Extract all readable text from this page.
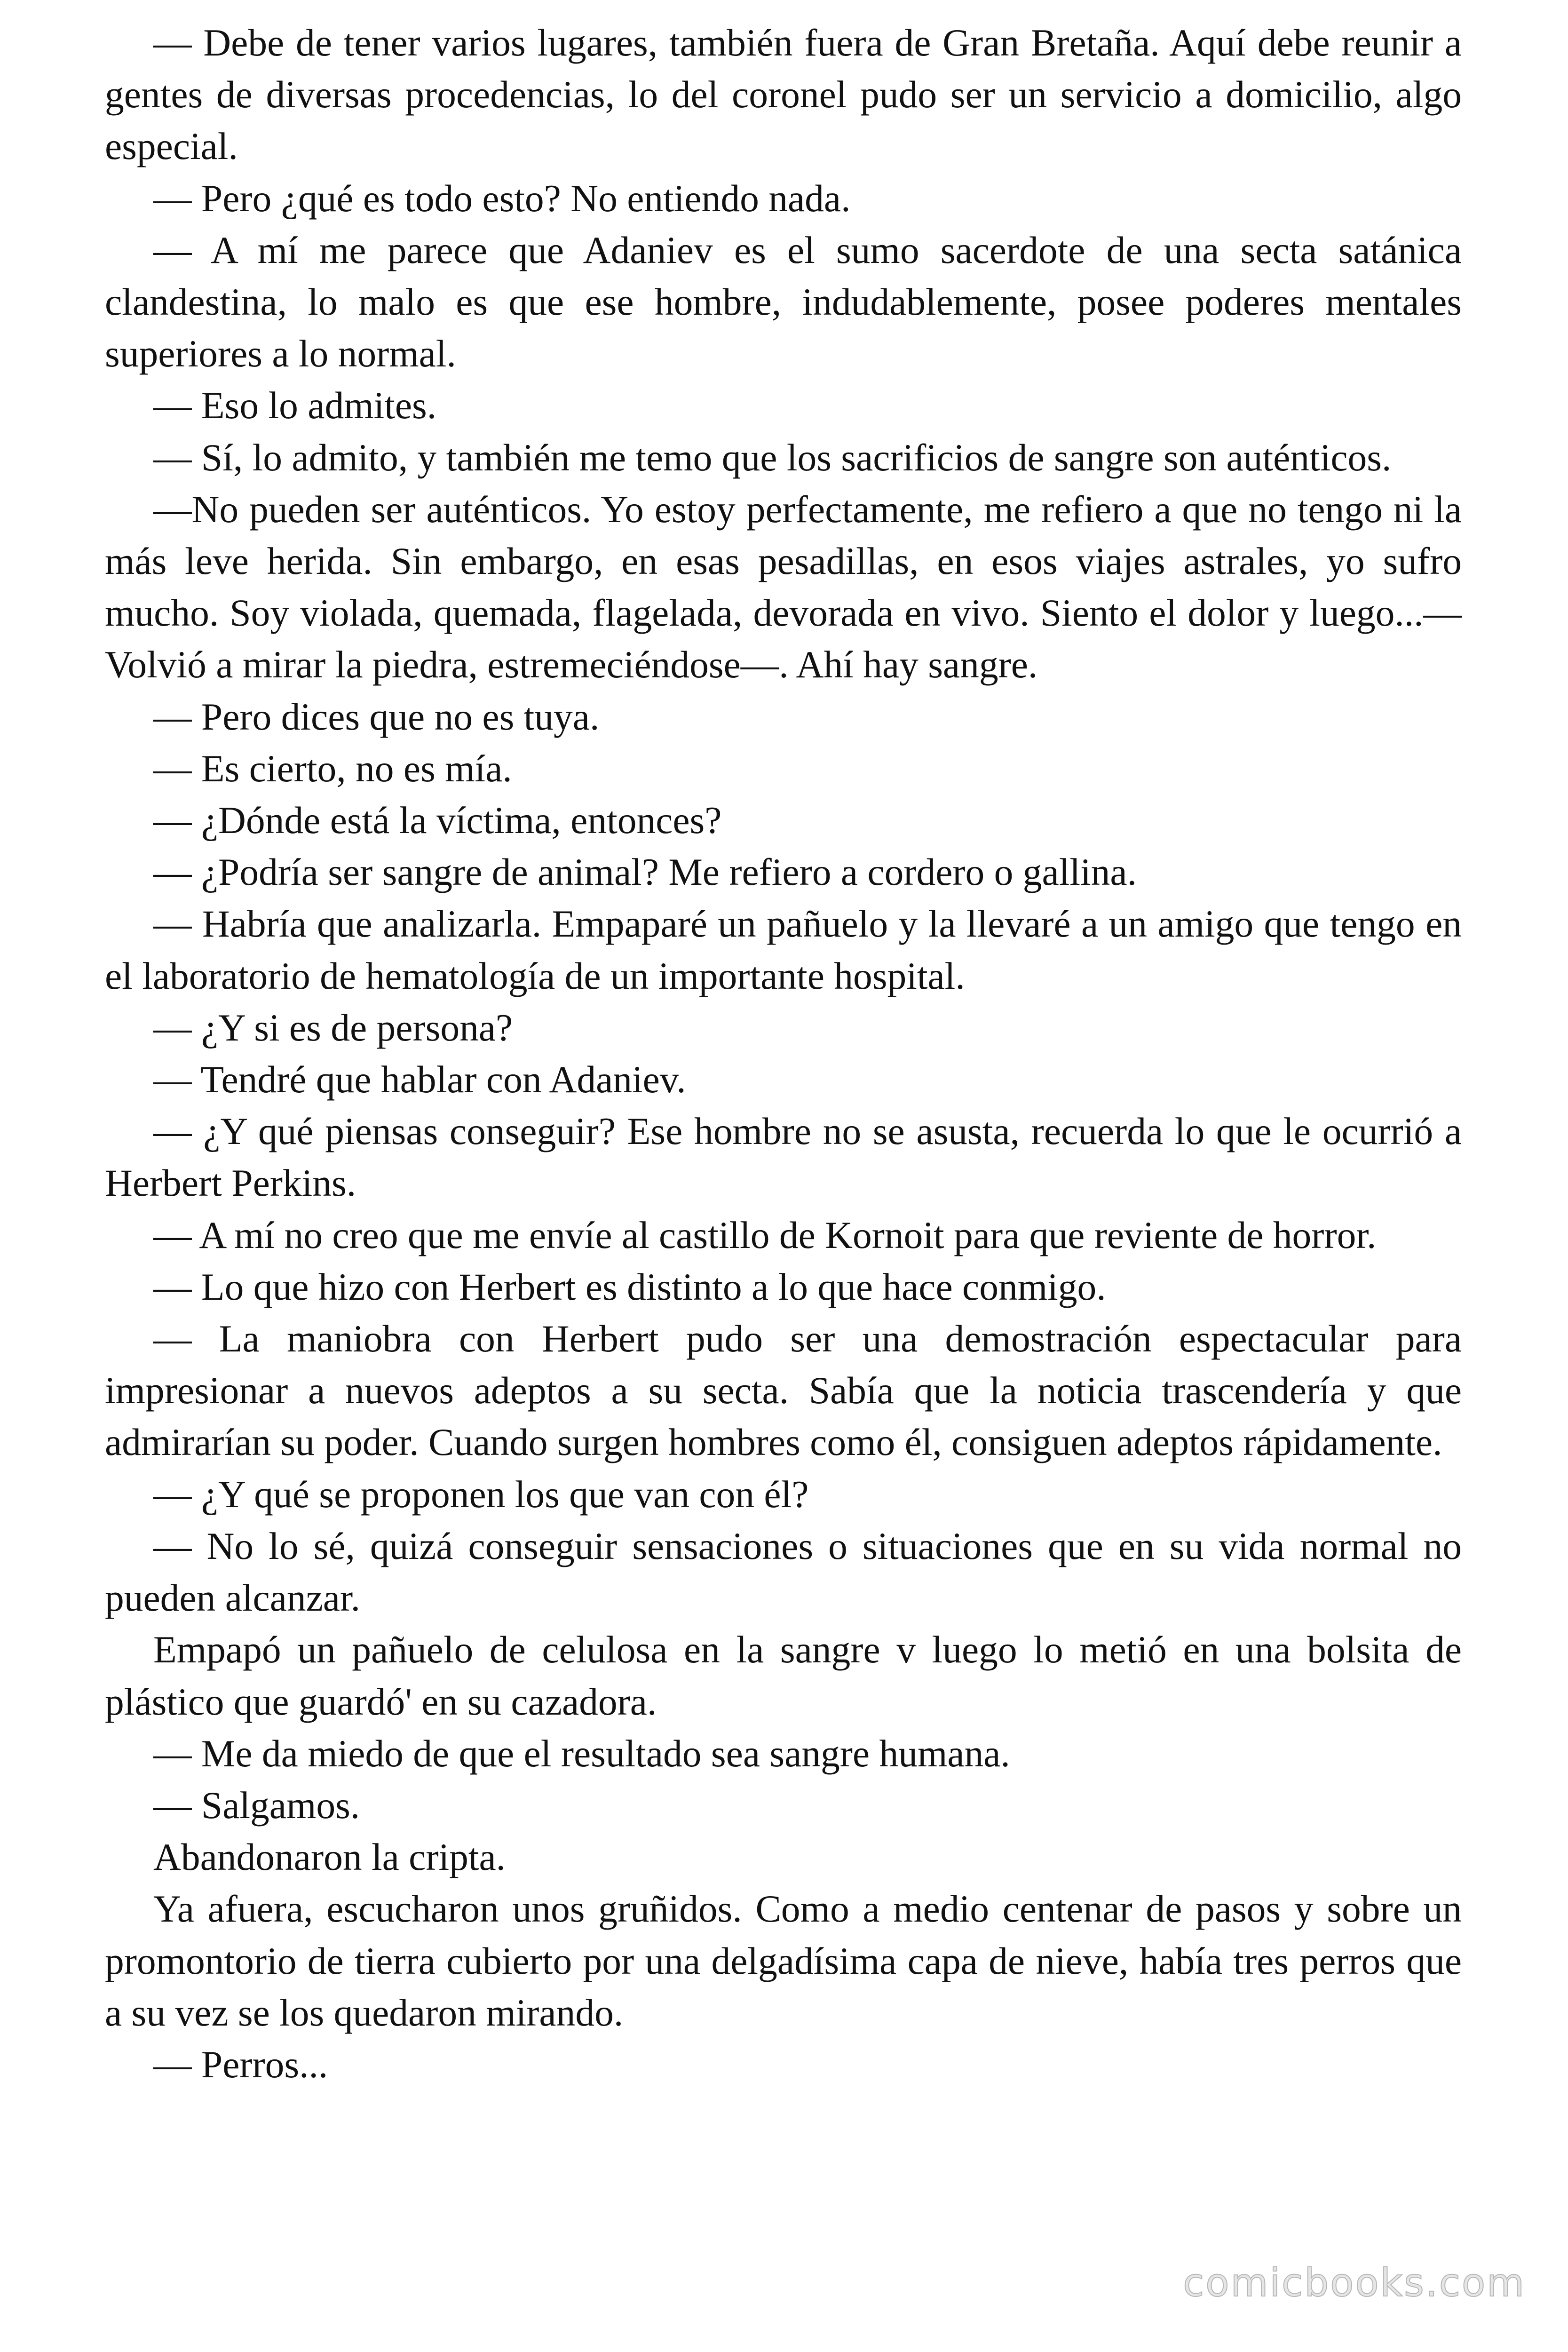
— Debe de tener varios lugares, también fuera de Gran Bretaña. Aquí debe reunir a gentes de diversas procedencias, lo del coronel pudo ser un servicio a domicilio, algo especial.

— Pero ¿qué es todo esto? No entiendo nada.

— A mí me parece que Adaniev es el sumo sacerdote de una secta satánica clandestina, lo malo es que ese hombre, indudablemente, posee poderes mentales superiores a lo normal.

— Eso lo admites.

— Sí, lo admito, y también me temo que los sacrificios de sangre son auténticos.

—No pueden ser auténticos. Yo estoy perfectamente, me refiero a que no tengo ni la más leve herida. Sin embargo, en esas pesadillas, en esos viajes astrales, yo sufro mucho. Soy violada, quemada, flagelada, devorada en vivo. Siento el dolor y luego...—Volvió a mirar la piedra, estremeciéndose—. Ahí hay sangre.

— Pero dices que no es tuya.

— Es cierto, no es mía.

— ¿Dónde está la víctima, entonces?

— ¿Podría ser sangre de animal? Me refiero a cordero o gallina.

— Habría que analizarla. Empaparé un pañuelo y la llevaré a un amigo que tengo en el laboratorio de hematología de un importante hospital.

— ¿Y si es de persona?

— Tendré que hablar con Adaniev.

— ¿Y qué piensas conseguir? Ese hombre no se asusta, recuerda lo que le ocurrió a Herbert Perkins.

— A mí no creo que me envíe al castillo de Kornoit para que reviente de horror.

— Lo que hizo con Herbert es distinto a lo que hace conmigo.

— La maniobra con Herbert pudo ser una demostración espectacular para impresionar a nuevos adeptos a su secta. Sabía que la noticia trascendería y que admirarían su poder. Cuando surgen hombres como él, consiguen adeptos rápidamente.

— ¿Y qué se proponen los que van con él?

— No lo sé, quizá conseguir sensaciones o situaciones que en su vida normal no pueden alcanzar.

Empapó un pañuelo de celulosa en la sangre v luego lo metió en una bolsita de plástico que guardó' en su cazadora.

— Me da miedo de que el resultado sea sangre humana.

— Salgamos.

Abandonaron la cripta.

Ya afuera, escucharon unos gruñidos. Como a medio centenar de pasos y sobre un promontorio de tierra cubierto por una delgadísima capa de nieve, había tres perros que a su vez se los quedaron mirando.

— Perros...

comicbooks.com
